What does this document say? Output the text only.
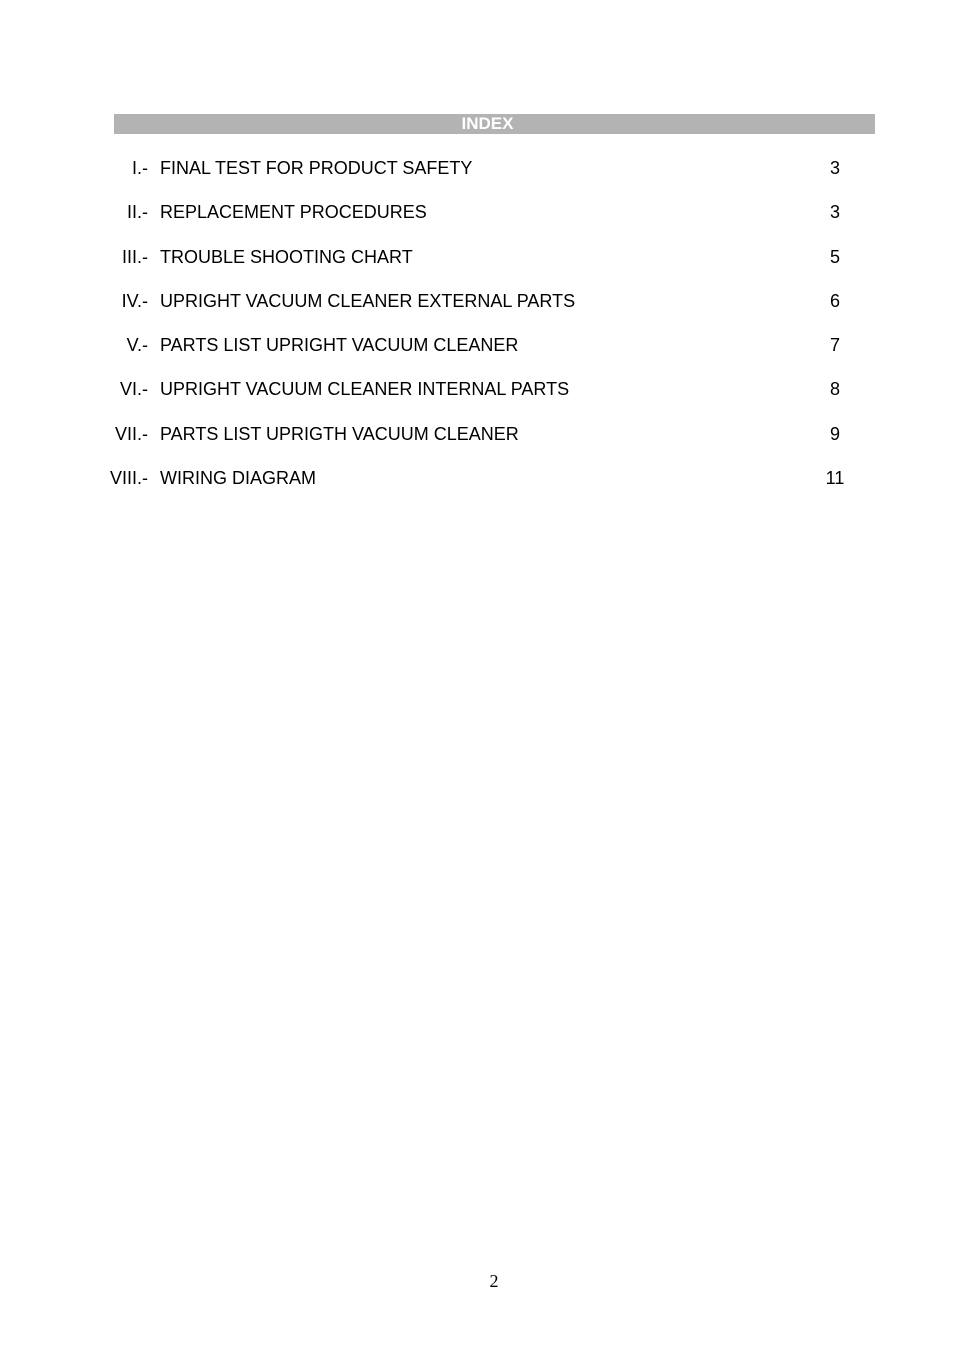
INDEX
I.- FINAL TEST FOR PRODUCT SAFETY	3
II.- REPLACEMENT PROCEDURES	3
III.- TROUBLE SHOOTING CHART	5
IV.- UPRIGHT VACUUM CLEANER EXTERNAL PARTS	6
V.- PARTS LIST UPRIGHT VACUUM CLEANER	7
VI.- UPRIGHT VACUUM CLEANER INTERNAL PARTS	8
VII.- PARTS LIST UPRIGTH VACUUM CLEANER	9
VIII.- WIRING DIAGRAM	11
2
